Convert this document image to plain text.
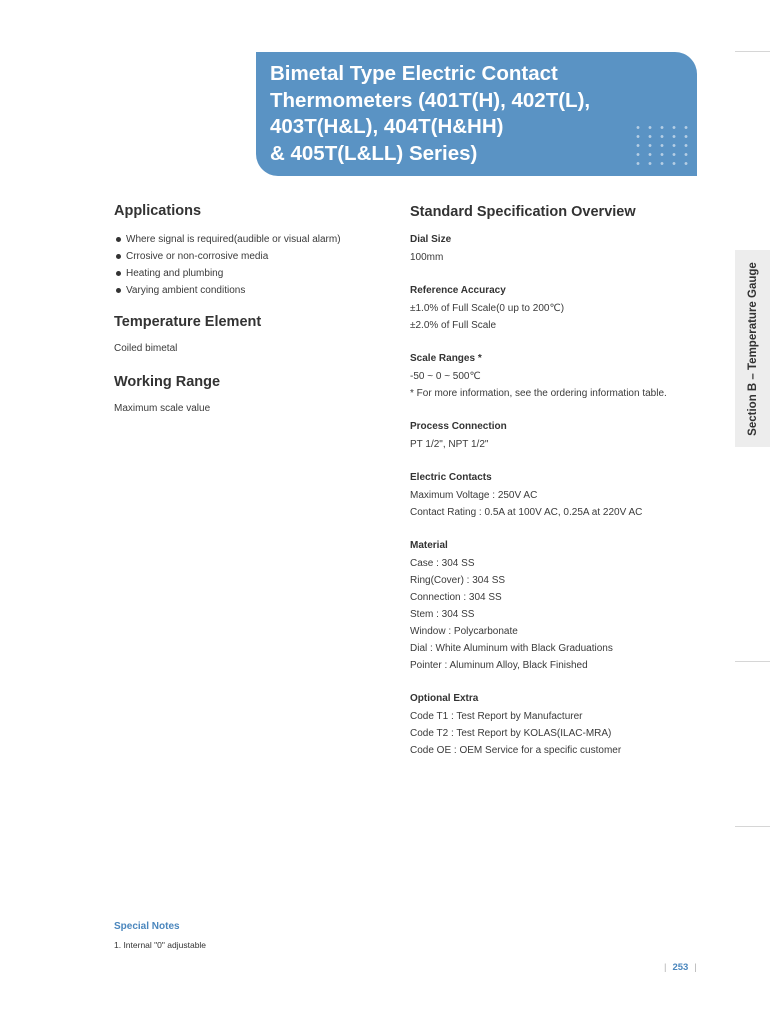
Bimetal Type Electric Contact
Thermometers (401T(H), 402T(L),
403T(H&L), 404T(H&HH)
& 405T(L&LL) Series)
Section B – Temperature Gauge
Applications
Where signal is required(audible or visual alarm)
Crrosive or non-corrosive media
Heating and plumbing
Varying ambient conditions
Temperature Element
Coiled bimetal
Working Range
Maximum scale value
Standard Specification Overview
Dial Size
100mm
Reference Accuracy
±1.0% of Full Scale(0 up to 200℃)
±2.0% of Full Scale
Scale Ranges *
-50 ~ 0 ~ 500℃
* For more information, see the ordering information table.
Process Connection
PT 1/2", NPT 1/2"
Electric Contacts
Maximum Voltage : 250V AC
Contact Rating : 0.5A at 100V AC, 0.25A at 220V AC
Material
Case : 304 SS
Ring(Cover) : 304 SS
Connection : 304 SS
Stem : 304 SS
Window : Polycarbonate
Dial : White Aluminum with Black Graduations
Pointer : Aluminum Alloy, Black Finished
Optional Extra
Code T1 : Test Report by Manufacturer
Code T2 : Test Report by KOLAS(ILAC-MRA)
Code OE : OEM Service for a specific customer
Special Notes
1. Internal "0" adjustable
| 253 |
